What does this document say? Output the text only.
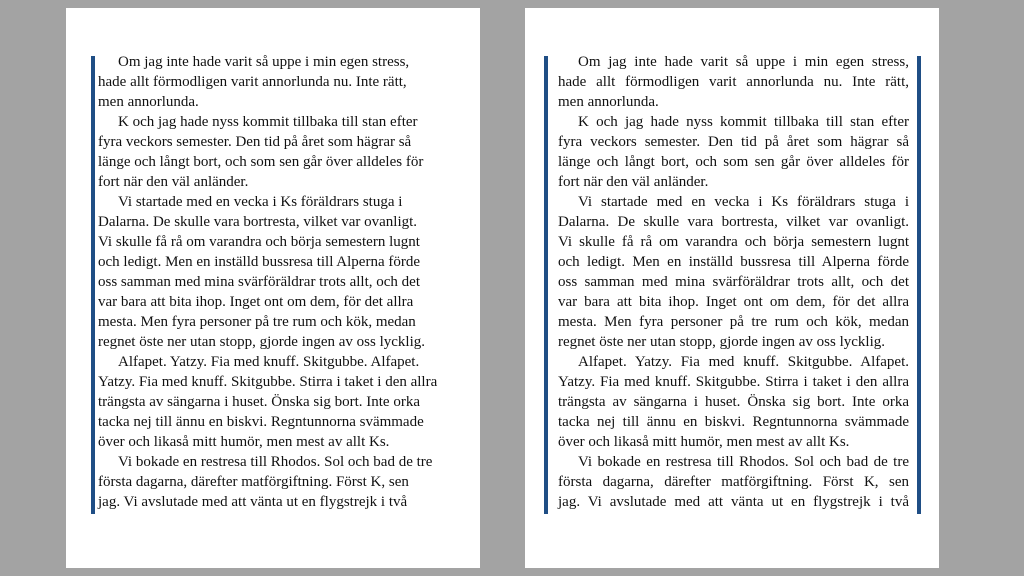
Om jag inte hade varit så uppe i min egen stress,
hade allt förmodligen varit annorlunda nu. Inte rätt,
men annorlunda.
K och jag hade nyss kommit tillbaka till stan efter
fyra veckors semester. Den tid på året som hägrar så
länge och långt bort, och som sen går över alldeles för
fort när den väl anländer.
Vi startade med en vecka i Ks föräldrars stuga i
Dalarna. De skulle vara bortresta, vilket var ovanligt.
Vi skulle få rå om varandra och börja semestern lugnt
och ledigt. Men en inställd bussresa till Alperna förde
oss samman med mina svärföräldrar trots allt, och det
var bara att bita ihop. Inget ont om dem, för det allra
mesta. Men fyra personer på tre rum och kök, medan
regnet öste ner utan stopp, gjorde ingen av oss lycklig.
Alfapet. Yatzy. Fia med knuff. Skitgubbe. Alfapet.
Yatzy. Fia med knuff. Skitgubbe. Stirra i taket i den allra
trängsta av sängarna i huset. Önska sig bort. Inte orka
tacka nej till ännu en biskvi. Regntunnorna svämmade
över och likaså mitt humör, men mest av allt Ks.
Vi bokade en restresa till Rhodos. Sol och bad de tre
första dagarna, därefter matförgiftning. Först K, sen
jag. Vi avslutade med att vänta ut en flygstrejk i två
Om jag inte hade varit så uppe i min egen stress,
hade allt förmodligen varit annorlunda nu. Inte rätt,
men annorlunda.
K och jag hade nyss kommit tillbaka till stan efter
fyra veckors semester. Den tid på året som hägrar så
länge och långt bort, och som sen går över alldeles för
fort när den väl anländer.
Vi startade med en vecka i Ks föräldrars stuga i
Dalarna. De skulle vara bortresta, vilket var ovanligt.
Vi skulle få rå om varandra och börja semestern lugnt
och ledigt. Men en inställd bussresa till Alperna förde
oss samman med mina svärföräldrar trots allt, och det
var bara att bita ihop. Inget ont om dem, för det allra
mesta. Men fyra personer på tre rum och kök, medan
regnet öste ner utan stopp, gjorde ingen av oss lycklig.
Alfapet. Yatzy. Fia med knuff. Skitgubbe. Alfapet.
Yatzy. Fia med knuff. Skitgubbe. Stirra i taket i den allra
trängsta av sängarna i huset. Önska sig bort. Inte orka
tacka nej till ännu en biskvi. Regntunnorna svämmade
över och likaså mitt humör, men mest av allt Ks.
Vi bokade en restresa till Rhodos. Sol och bad de tre
första dagarna, därefter matförgiftning. Först K, sen
jag. Vi avslutade med att vänta ut en flygstrejk i två
